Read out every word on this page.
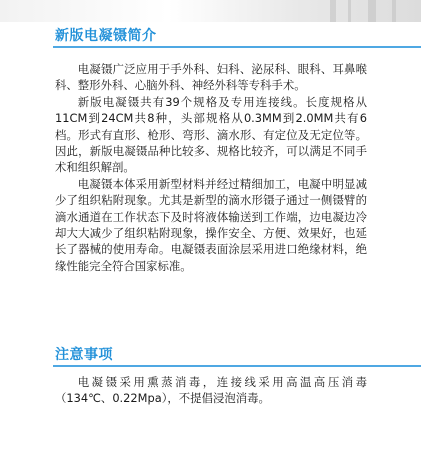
新版电凝镊简介

电凝镊广泛应用于手外科、妇科、泌尿科、眼科、耳鼻喉科、整形外科、心脑外科、神经外科等专科手术。

新版电凝镊共有39个规格及专用连接线。长度规格从11CM到24CM共8种，头部规格从0.3MM到2.0MM共有6 档。形式有直形、枪形、弯形、滴水形、有定位及无定位等。因此，新版电凝镊品种比较多、规格比较齐，可以满足不同手术和组织解剖。

电凝镊本体采用新型材料并经过精细加工，电凝中明显减少了组织粘附现象。尤其是新型的滴水形镊子通过一侧镊臂的滴水通道在工作状态下及时将液体输送到工作端，边电凝边冷却大大减少了组织粘附现象，操作安全、方便、效果好，也延长了器械的使用寿命。电凝镊表面涂层采用进口绝缘材料，绝缘性能完全符合国家标准。

注意事项

电凝镊采用熏蒸消毒，连接线采用高温高压消毒（134℃、0.22Mpa），不提倡浸泡消毒。
